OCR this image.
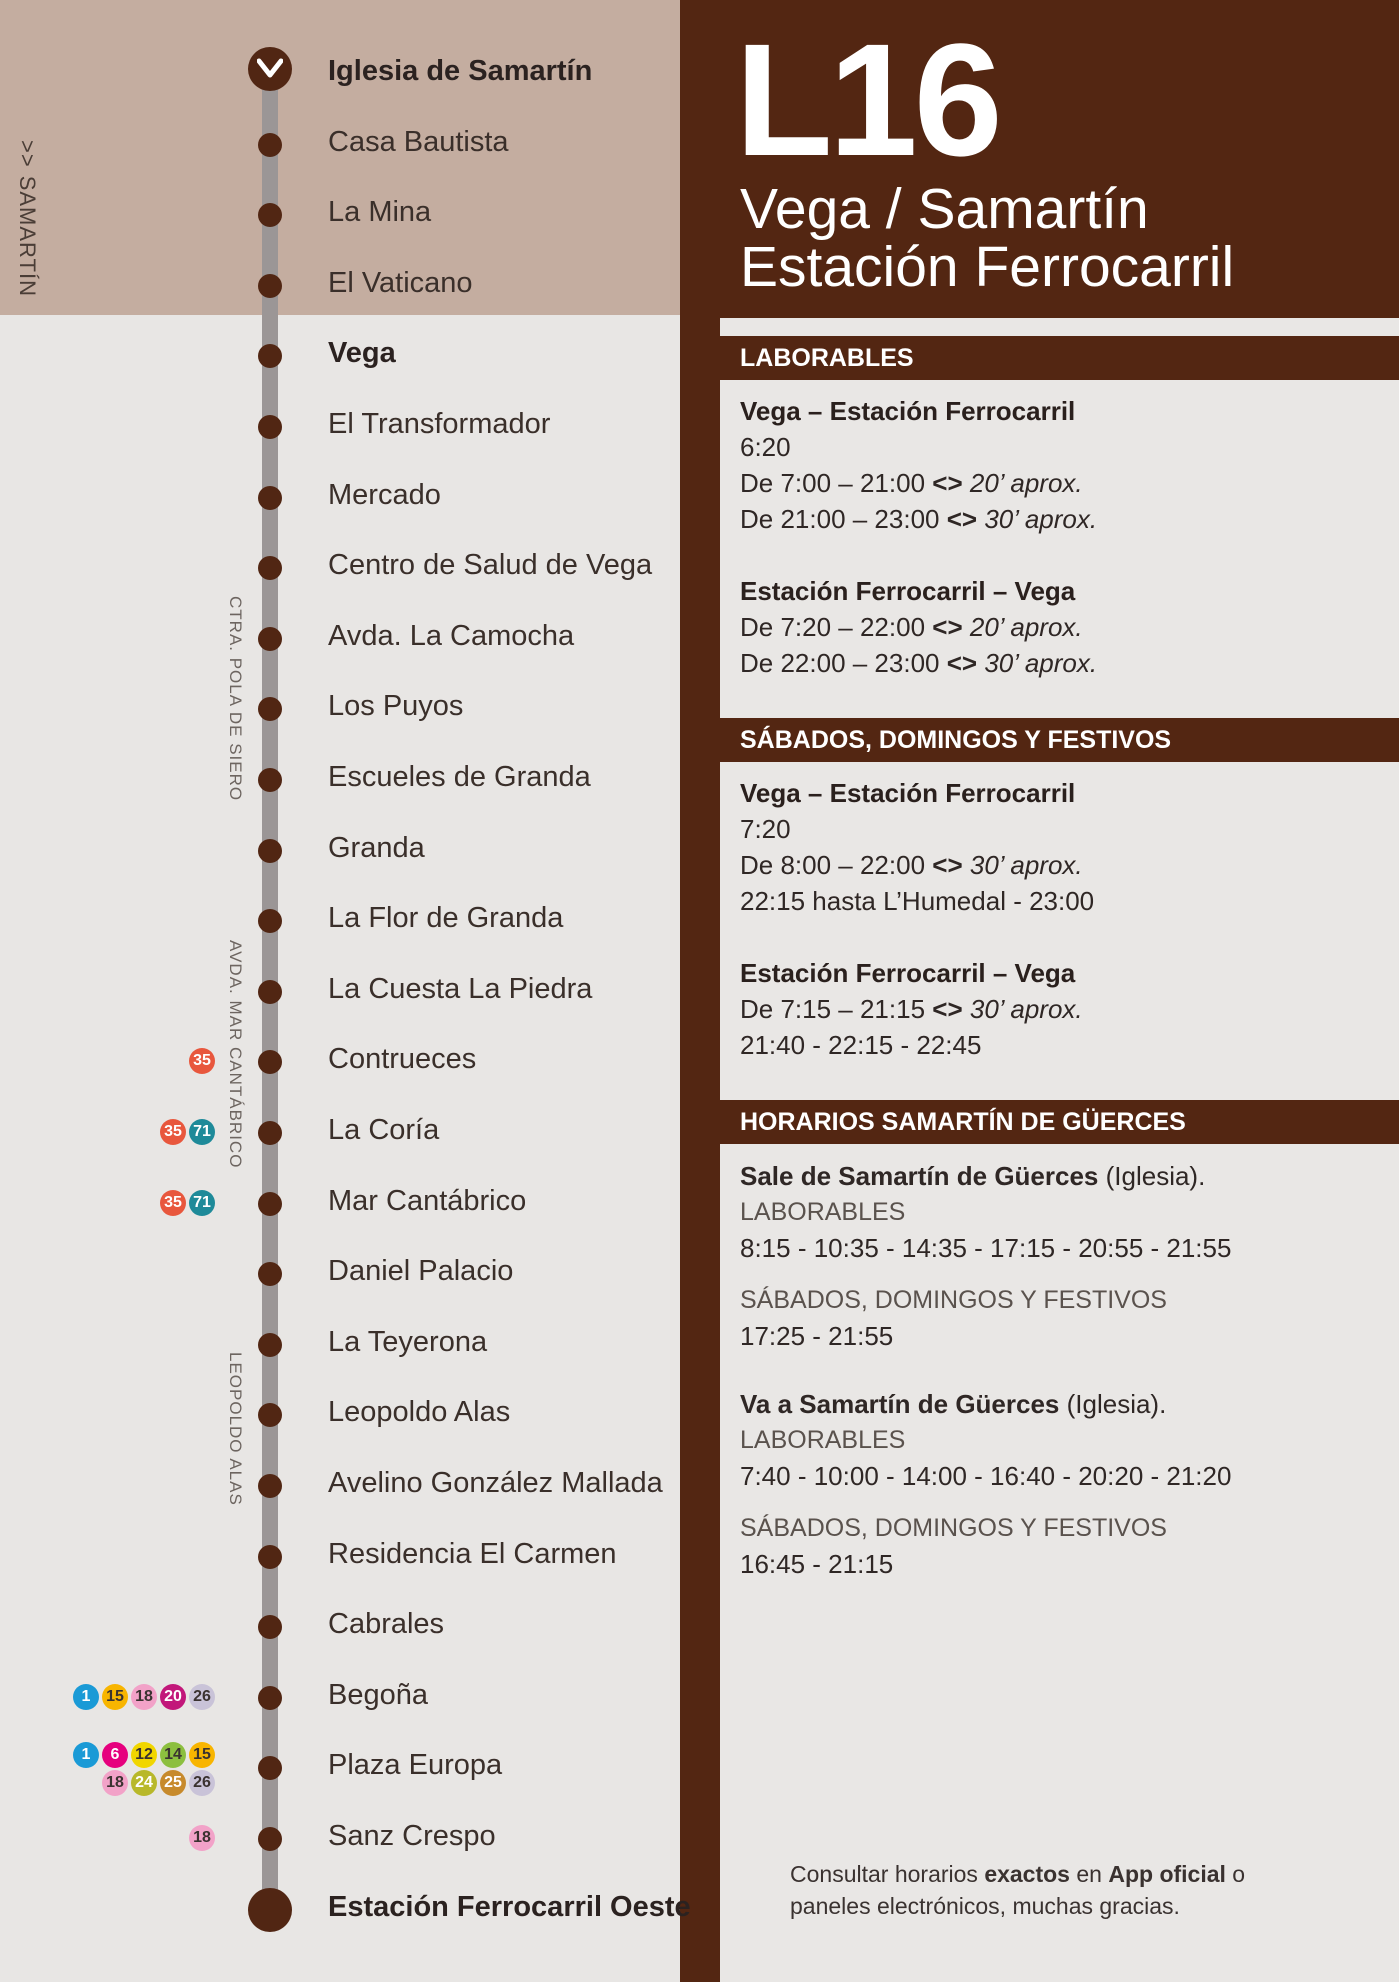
>>SAMARTÍN
Iglesia de Samartín
Casa Bautista
La Mina
El Vaticano
Vega
El Transformador
Mercado
Centro de Salud de Vega
Avda. La Camocha
Los Puyos
Escueles de Granda
Granda
La Flor de Granda
La Cuesta La Piedra
Contrueces
35
La Coría
35 71
Mar Cantábrico
35 71
Daniel Palacio
La Teyerona
Leopoldo Alas
Avelino González Mallada
Residencia El Carmen
Cabrales
Begoña
1 15 18 20 26
Plaza Europa
1	6 12 14 15
18 24 25 26
Sanz Crespo
18
Estación Ferrocarril Oeste
CTRA. POLA DE SIERO
AVDA. MAR CANTÁBRICO
LEOPOLDO ALAS
L16
Vega / Samartín
Estación Ferrocarril
LABORABLES
Vega – Estación Ferrocarril
6:20
De 7:00 – 21:00 <> 20’ aprox.
De 21:00 – 23:00 <> 30’ aprox.
Estación Ferrocarril – Vega
De 7:20 – 22:00 <> 20’ aprox.
De 22:00 – 23:00 <> 30’ aprox.
SÁBADOS, DOMINGOS Y FESTIVOS
Vega – Estación Ferrocarril
7:20
De 8:00 – 22:00 <> 30’ aprox.
22:15 hasta L’Humedal - 23:00
Estación Ferrocarril – Vega
De 7:15 – 21:15 <> 30’ aprox.
21:40 - 22:15 - 22:45
HORARIOS SAMARTÍN DE GÜERCES
Sale de Samartín de Güerces (Iglesia).
LABORABLES
8:15 - 10:35 - 14:35 - 17:15 - 20:55 - 21:55
SÁBADOS, DOMINGOS Y FESTIVOS
17:25 - 21:55
Va a Samartín de Güerces (Iglesia).
LABORABLES
7:40 - 10:00 - 14:00 - 16:40 - 20:20 - 21:20
SÁBADOS, DOMINGOS Y FESTIVOS
16:45 - 21:15
Consultar horarios exactos en App oficial o
paneles electrónicos, muchas gracias.
